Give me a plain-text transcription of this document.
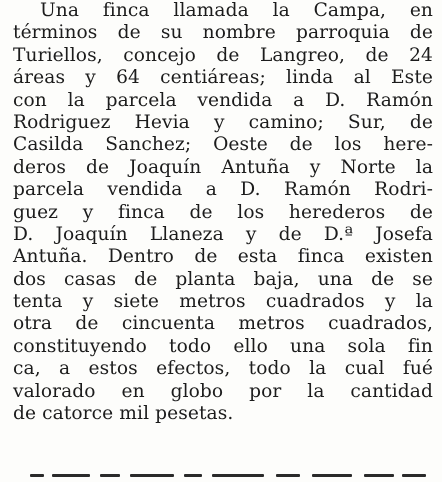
Una finca llamada la Campa, en
términos de su nombre parroquia de
Turiellos, concejo de Langreo, de 24
áreas y 64 centiáreas; linda al Este
con la parcela vendida a D. Ramón
Rodriguez Hevia y camino; Sur, de
Casilda Sanchez; Oeste de los here-
deros de Joaquín Antuña y Norte la
parcela vendida a D. Ramón Rodri-
guez y finca de los herederos de
D. Joaquín Llaneza y de D.ª Josefa
Antuña. Dentro de esta finca existen
dos casas de planta baja, una de se
tenta y siete metros cuadrados y la
otra de cincuenta metros cuadrados,
constituyendo todo ello una sola fin
ca, a estos efectos, todo la cual fué
valorado en globo por la cantidad
de catorce mil pesetas.
